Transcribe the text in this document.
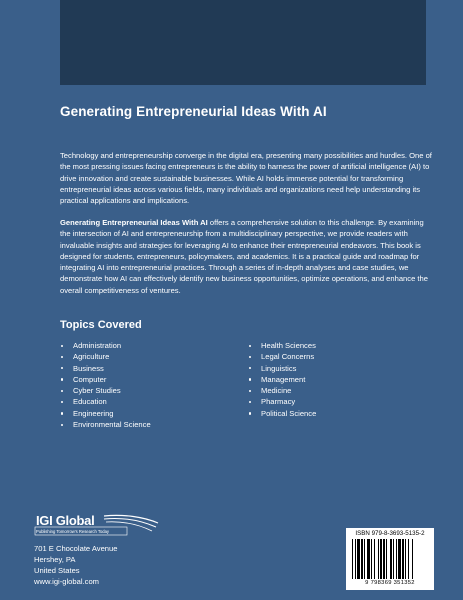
Generating Entrepreneurial Ideas With AI
Technology and entrepreneurship converge in the digital era, presenting many possibilities and hurdles. One of the most pressing issues facing entrepreneurs is the ability to harness the power of artificial intelligence (AI) to drive innovation and create sustainable businesses. While AI holds immense potential for transforming entrepreneurial ideas across various fields, many individuals and organizations need help understanding its practical applications and implications.
Generating Entrepreneurial Ideas With AI offers a comprehensive solution to this challenge. By examining the intersection of AI and entrepreneurship from a multidisciplinary perspective, we provide readers with invaluable insights and strategies for leveraging AI to enhance their entrepreneurial endeavors. This book is designed for students, entrepreneurs, policymakers, and academics. It is a practical guide and roadmap for integrating AI into entrepreneurial practices. Through a series of in-depth analyses and case studies, we demonstrate how AI can effectively identify new business opportunities, optimize operations, and enhance the overall competitiveness of ventures.
Topics Covered
Administration
Agriculture
Business
Computer
Cyber Studies
Education
Engineering
Environmental Science
Health Sciences
Legal Concerns
Linguistics
Management
Medicine
Pharmacy
Political Science
IGI Global
Publishing Tomorrow's Research Today
701 E Chocolate Avenue
Hershey, PA
United States
www.igi-global.com
ISBN 979-8-3693-5135-2
9 798369 351352
